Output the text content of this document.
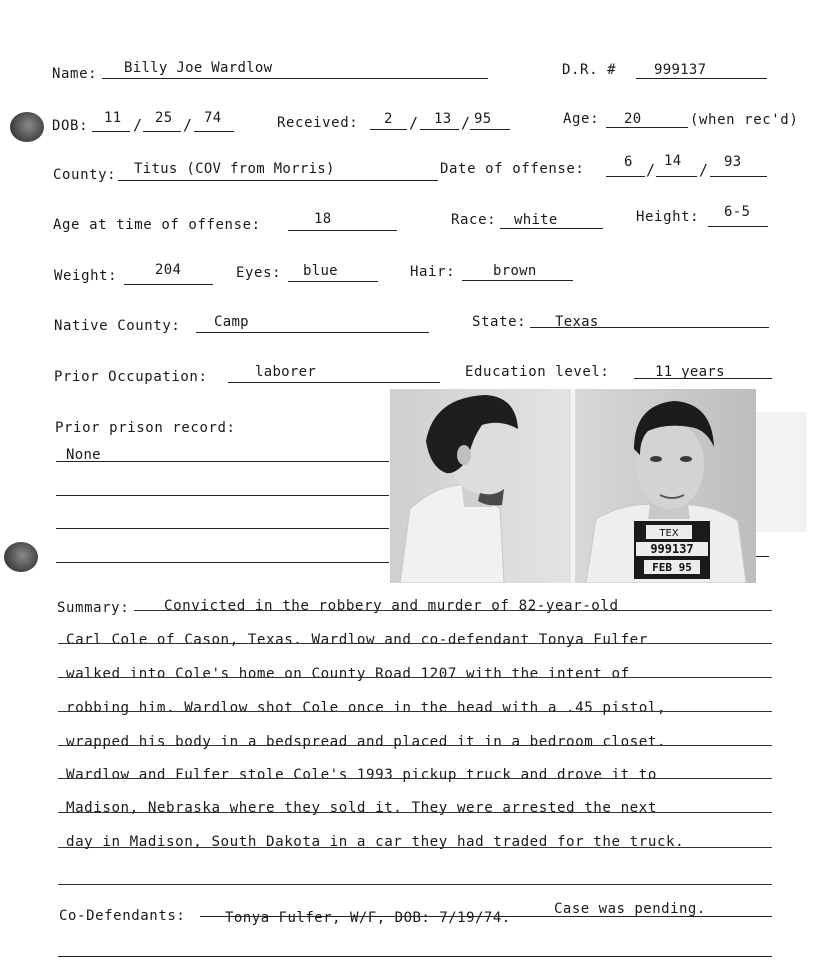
Name: Billy Joe Wardlow	D.R. #	999137
DOB: 11 / 25 / 74	Received: 2 / 13 / 95	Age: 20	(when rec'd)
County: Titus (COV from Morris)	Date of offense:	6 / 14 / 93
Age at time of offense:	18	Race: white	Height: 6-5
Weight:	204	Eyes: blue	Hair:	brown
Native County: Camp	State: Texas
Prior Occupation:	laborer	Education level:	11 years
Prior prison record:
None
TEX
999137
FEB 95
Summary: Convicted in the robbery and murder of 82-year-old
Carl Cole of Cason, Texas. Wardlow and co-defendant Tonya Fulfer
walked into Cole's home on County Road 1207 with the intent of
robbing him. Wardlow shot Cole once in the head with a .45 pistol,
wrapped his body in a bedspread and placed it in a bedroom closet.
Wardlow and Fulfer stole Cole's 1993 pickup truck and drove it to
Madison, Nebraska where they sold it. They were arrested the next
day in Madison, South Dakota in a car they had traded for the truck.
Co-Defendants:	Tonya Fulfer, W/F, DOB: 7/19/74.
Case was pending.
